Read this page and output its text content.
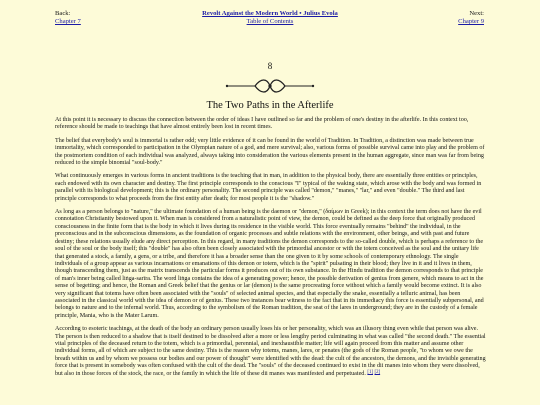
Back:
Chapter 7
Revolt Against the Modern World • Julius Evola
Table of Contents
Next:
Chapter 9
8
The Two Paths in the Afterlife

At this point it is necessary to discuss the connection between the order of ideas I have outlined so far and the problem of one's destiny in the afterlife. In this context too, reference should be made to teachings that have almost entirely been lost in recent times.

The belief that everybody's soul is immortal is rather odd; very little evidence of it can be found in the world of Tradition. In Tradition, a distinction was made between true immortality, which corresponded to participation in the Olympian nature of a god, and mere survival; also, various forms of possible survival came into play and the problem of the postmortem condition of each individual was analyzed, always taking into consideration the various elements present in the human aggregate, since man was far from being reduced to the simple binomial "soul-body."

What continuously emerges in various forms in ancient traditions is the teaching that in man, in addition to the physical body, there are essentially three entities or principles, each endowed with its own character and destiny. The first principle corresponds to the conscious "I" typical of the waking state, which arose with the body and was formed in parallel with its biological development; this is the ordinary personality. The second principle was called "demon," "manes," "lar," and even "double." The third and last principle corresponds to what proceeds from the first entity after death; for most people it is the "shadow."

As long as a person belongs to "nature," the ultimate foundation of a human being is the daemon or "demon," (δαίμων in Greek); in this context the term does not have the evil connotation Christianity bestowed upon it. When man is considered from a naturalistic point of view, the demon, could be defined as the deep force that originally produced consciousness in the finite form that is the body in which it lives during its residence in the visible world. This force eventually remains "behind" the individual, in the preconscious and in the subconscious dimensions, as the foundation of organic processes and subtle relations with the environment, other beings, and with past and future destiny; these relations usually elude any direct perception. In this regard, in many traditions the demon corresponds to the so-called double, which is perhaps a reference to the soul of the soul or the body itself; this "double" has also often been closely associated with the primordial ancestor or with the totem conceived as the soul and the unitary life that generated a stock, a family, a gens, or a tribe, and therefore it has a broader sense than the one given to it by some schools of contemporary ethnology. The single individuals of a group appear as various incarnations or emanations of this demon or totem, which is the "spirit" pulsating in their blood; they live in it and it lives in them, though transcending them, just as the matrix transcends the particular forms it produces out of its own substance. In the Hindu tradition the demon corresponds to that principle of man's inner being called liṅga-sarīra. The word liṅga contains the idea of a generating power; hence, the possible derivation of genius from genere, which means to act in the sense of begetting; and hence, the Roman and Greek belief that the genius or lar (demon) is the same procreating force without which a family would become extinct. It is also very significant that totems have often been associated with the "souls" of selected animal species, and that especially the snake, essentially a telluric animal, has been associated in the classical world with the idea of demon or of genius. These two instances bear witness to the fact that in its immediacy this force is essentially subpersonal, and belongs to nature and to the infernal world. Thus, according to the symbolism of the Roman tradition, the seat of the lares in underground; they are in the custody of a female principle, Mania, who is the Mater Larum.

According to esoteric teachings, at the death of the body an ordinary person usually loses his or her personality, which was an illusory thing even while that person was alive. The person is then reduced to a shadow that is itself destined to be dissolved after a more or less lengthy period culminating in what was called "the second death." The essential vital principles of the deceased return to the totem, which is a primordial, perennial, and inexhaustible matter; life will again proceed from this matter and assume other individual forms, all of which are subject to the same destiny. This is the reason why totems, manes, lares, or penates (the gods of the Roman people, "to whom we owe the breath within us and by whom we possess our bodies and our power of thought" were identified with the dead: the cult of the ancestors, the demons, and the invisible generating force that is present in somebody was often confused with the cult of the dead. The "souls" of the deceased continued to exist in the dii manes into whom they were dissolved, but also in those forces of the stock, the race, or the family in which the life of these dii manes was manifested and perpetuated. [1] [2]
